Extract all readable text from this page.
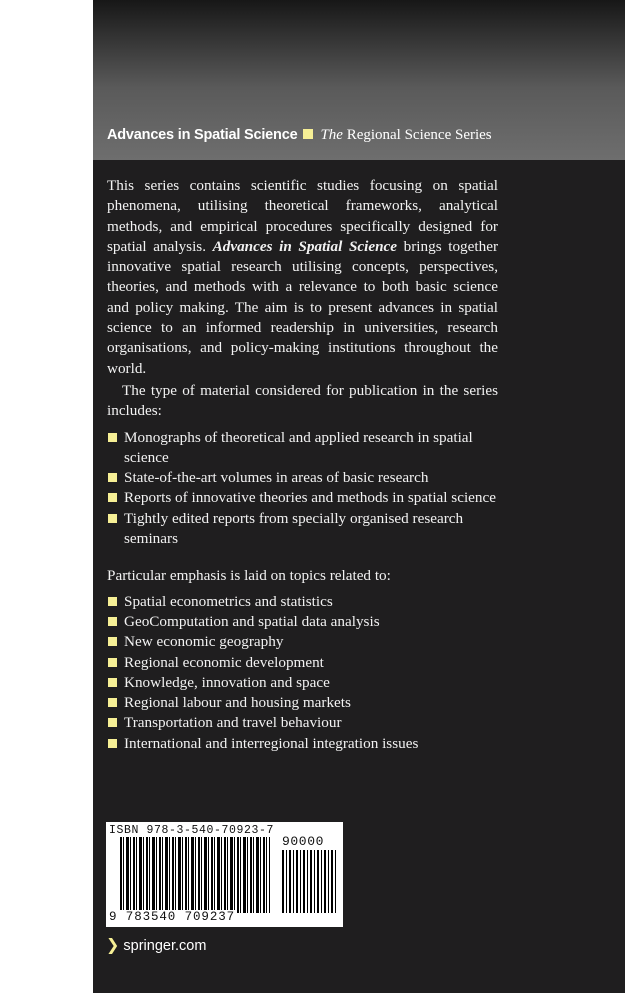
Advances in Spatial Science The Regional Science Series

This series contains scientific studies focusing on spatial phenomena, utilising theoretical frameworks, analytical methods, and empirical procedures specifically designed for spatial analysis. Advances in Spatial Science brings together innovative spatial research utilising concepts, perspectives, theories, and methods with a relevance to both basic science and policy making. The aim is to present advances in spatial science to an informed readership in universities, research organisations, and policy-making institutions throughout the world.

The type of material considered for publication in the series includes:

Monographs of theoretical and applied research in spatial science
State-of-the-art volumes in areas of basic research
Reports of innovative theories and methods in spatial science
Tightly edited reports from specially organised research seminars

Particular emphasis is laid on topics related to:

Spatial econometrics and statistics
GeoComputation and spatial data analysis
New economic geography
Regional economic development
Knowledge, innovation and space
Regional labour and housing markets
Transportation and travel behaviour
International and interregional integration issues
ISBN 978-3-540-70923-7
90000
9 783540 709237
❯ springer.com
